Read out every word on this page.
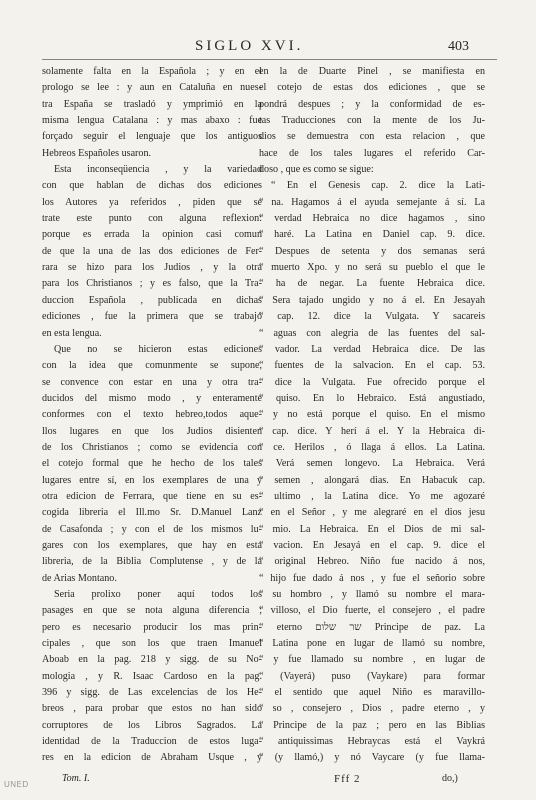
SIGLO XVI.	403
solamente falta en la Española ; y en el
prologo se lee : y aun en Cataluña en nues-
tra España se trasladó y ymprimió en la
misma lengua Catalana : y mas abaxo : fue
forçado seguir el lenguaje que los antiguos
Hebreos Españoles usaron.
Esta inconseqüencia , y la variedad
con que hablan de dichas dos ediciones
los Autores ya referidos , piden que se
trate este punto con alguna reflexion:
porque es errada la opinion casi comun
de que la una de las dos ediciones de Fer-
rara se hizo para los Judios , y la otra
para los Christianos ; y es falso, que la Tra-
duccion Española , publicada en dichas
ediciones , fue la primera que se trabajó
en esta lengua.
Que no se hicieron estas ediciones
con la idea que comunmente se supone,
se convence con estar en una y otra tra-
ducidos del mismo modo , y enteramente
conformes con el texto hebreo,todos aque-
llos lugares en que los Judios disienten
de los Christianos ; como se evidencia con
el cotejo formal que he hecho de los tales
lugares entre sí, en los exemplares de una y
otra edicion de Ferrara, que tiene en su es-
cogida libreria el Ill.mo Sr. D.Manuel Lanz
de Casafonda ; y con el de los mismos lu-
gares con los exemplares, que hay en esta
libreria, de la Biblia Complutense , y de la
de Arias Montano.
Seria prolixo poner aquí todos los
pasages en que se nota alguna diferencia ;
pero es necesario producir los mas prin-
cipales , que son los que traen Imanuel
Aboab en la pag. 218 y sigg. de su No-
mologia , y R. Isaac Cardoso en la pag.
396 y sigg. de Las excelencias de los He-
breos , para probar que estos no han sido
corruptores de los Libros Sagrados. La
identidad de la Traduccion de estos luga-
res en la edicion de Abraham Usque , y
en la de Duarte Pinel , se manifiesta en
el cotejo de estas dos ediciones , que se
pondrá despues ; y la conformidad de es-
tas Traducciones con la mente de los Ju-
dios se demuestra con esta relacion , que
hace de los tales lugares el referido Car-
doso , que es como se sigue:
“ En el Genesis cap. 2. dice la Lati-
“ na. Hagamos á el ayuda semejante á sí. La
“ verdad Hebraica no dice hagamos , sino
“ haré. La Latina en Daniel cap. 9. dice.
“ Despues de setenta y dos semanas será
“ muerto Xpo. y no será su pueblo el que le
“ ha de negar. La fuente Hebraica dice.
“ Sera tajado ungido y no á el. En Jesayah
“ cap. 12. dice la Vulgata. Y sacareis
“ aguas con alegria de las fuentes del sal-
“ vador. La verdad Hebraica dice. De las
“ fuentes de la salvacion. En el cap. 53.
“ dice la Vulgata. Fue ofrecido porque el
“ quiso. En lo Hebraico. Está angustiado,
“ y no está porque el quiso. En el mismo
“ cap. dice. Y herí á el. Y la Hebraica di-
“ ce. Herilos , ó llaga á ellos. La Latina.
“ Verá semen longevo. La Hebraica. Verá
“ semen , alongará dias. En Habacuk cap.
“ ultimo , la Latina dice. Yo me agozaré
“ en el Señor , y me alegraré en el dios jesu
“ mio. La Hebraica. En el Dios de mi sal-
“ vacion. En Jesayá en el cap. 9. dice el
“ original Hebreo. Niño fue nacido á nos,
“ hijo fue dado á nos , y fue el señorio sobre
“ su hombro , y llamó su nombre el mara-
“ villoso, el Dio fuerte, el consejero , el padre
“ eterno שר שלום Principe de paz. La
“ Latina pone en lugar de llamó su nombre,
“ y fue llamado su nombre , en lugar de
“ (Vayerá) puso (Vaykare) para formar
“ el sentido que aquel Niño es maravillo-
“ so , consejero , Dios , padre eterno , y
“ Principe de la paz ; pero en las Biblias
“ antiquissimas Hebraycas está el Vaykrá
“ (y llamó,) y nó Vaycare (y fue llama-
Tom. I.	Fff 2	do,)
UNED
